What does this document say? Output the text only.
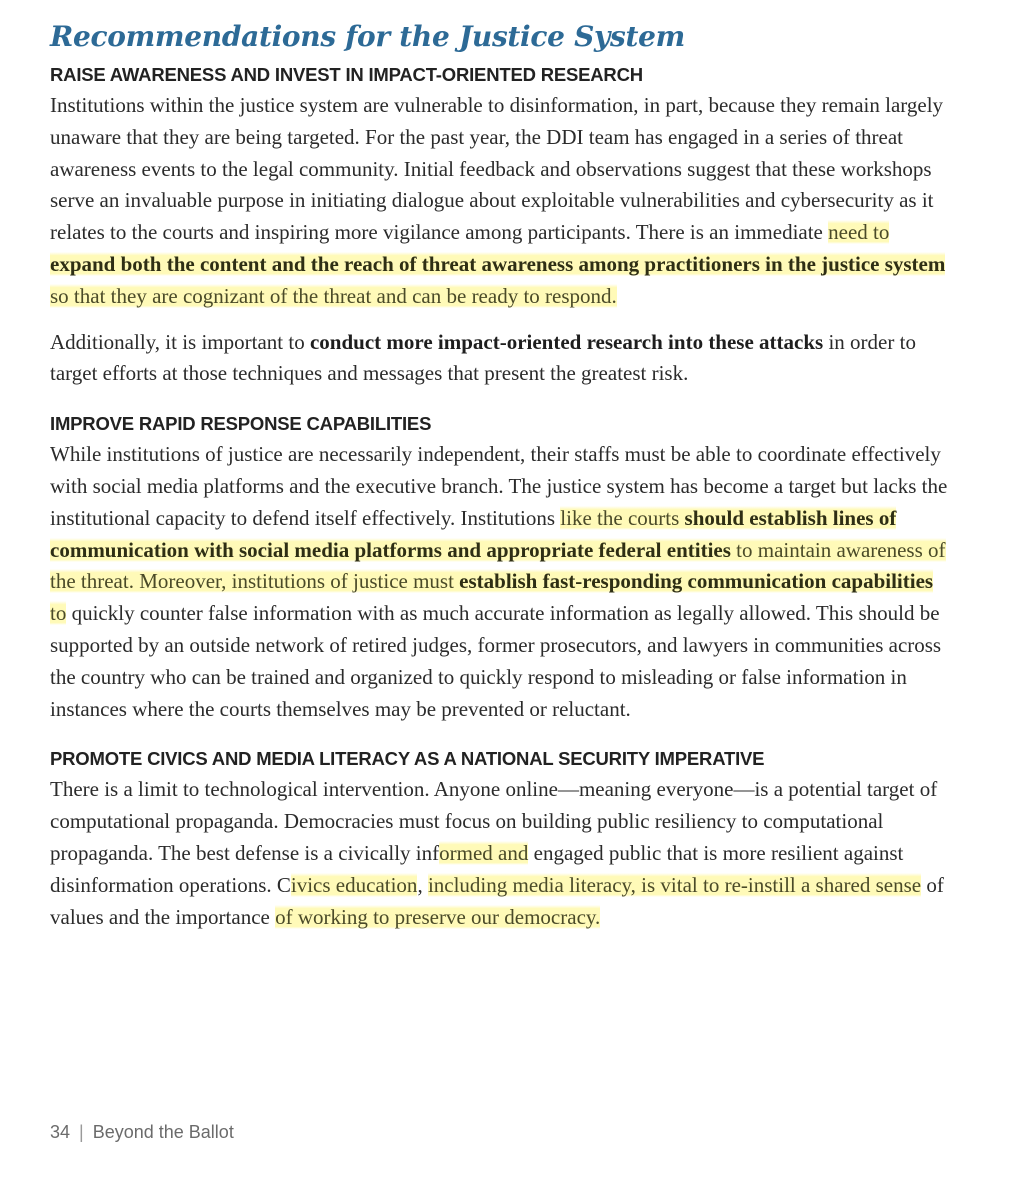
Recommendations for the Justice System
RAISE AWARENESS AND INVEST IN IMPACT-ORIENTED RESEARCH

Institutions within the justice system are vulnerable to disinformation, in part, because they remain largely unaware that they are being targeted. For the past year, the DDI team has engaged in a series of threat awareness events to the legal community. Initial feedback and observations suggest that these workshops serve an invaluable purpose in initiating dialogue about exploitable vulnerabilities and cybersecurity as it relates to the courts and inspiring more vigilance among participants. There is an immediate need to expand both the content and the reach of threat awareness among practitioners in the justice system so that they are cognizant of the threat and can be ready to respond.

Additionally, it is important to conduct more impact-oriented research into these attacks in order to target efforts at those techniques and messages that present the greatest risk.

IMPROVE RAPID RESPONSE CAPABILITIES

While institutions of justice are necessarily independent, their staffs must be able to coordinate effectively with social media platforms and the executive branch. The justice system has become a target but lacks the institutional capacity to defend itself effectively. Institutions like the courts should establish lines of communication with social media platforms and appropriate federal entities to maintain awareness of the threat. Moreover, institutions of justice must establish fast-responding communication capabilities to quickly counter false information with as much accurate information as legally allowed. This should be supported by an outside network of retired judges, former prosecutors, and lawyers in communities across the country who can be trained and organized to quickly respond to misleading or false information in instances where the courts themselves may be prevented or reluctant.

PROMOTE CIVICS AND MEDIA LITERACY AS A NATIONAL SECURITY IMPERATIVE

There is a limit to technological intervention. Anyone online—meaning everyone—is a potential target of computational propaganda. Democracies must focus on building public resiliency to computational propaganda. The best defense is a civically informed and engaged public that is more resilient against disinformation operations. Civics education, including media literacy, is vital to re-instill a shared sense of values and the importance of working to preserve our democracy.

34 | Beyond the Ballot
